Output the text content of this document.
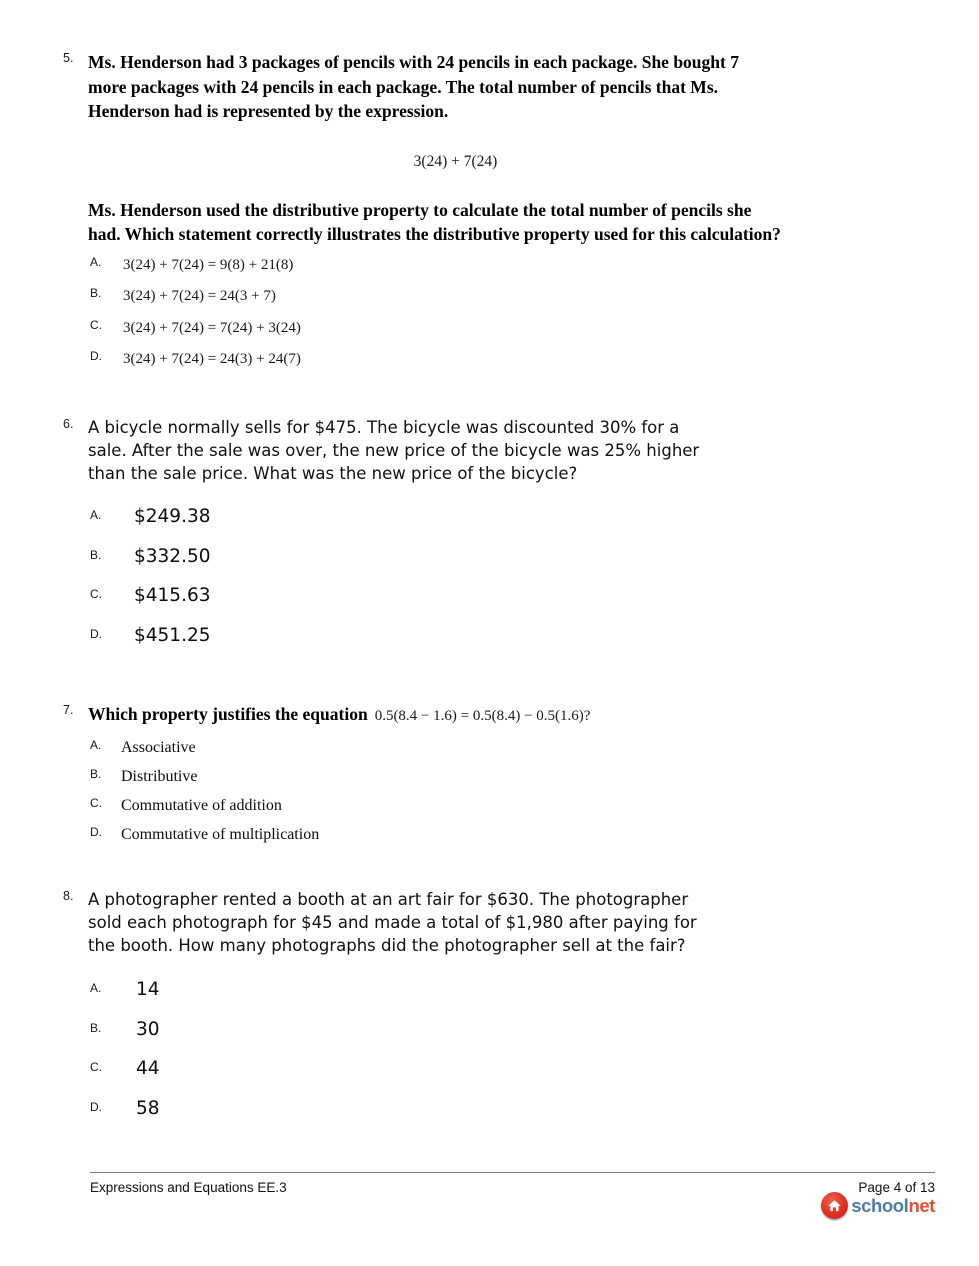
5. Ms. Henderson had 3 packages of pencils with 24 pencils in each package. She bought 7
more packages with 24 pencils in each package. The total number of pencils that Ms.
Henderson had is represented by the expression.
3(24) + 7(24)
Ms. Henderson used the distributive property to calculate the total number of pencils she
had. Which statement correctly illustrates the distributive property used for this calculation?
A.	3(24) + 7(24) = 9(8) + 21(8)
B.	3(24) + 7(24) = 24(3 + 7)
C.	3(24) + 7(24) = 7(24) + 3(24)
D.	3(24) + 7(24) = 24(3) + 24(7)
6. A bicycle normally sells for $475. The bicycle was discounted 30% for a
sale. After the sale was over, the new price of the bicycle was 25% higher
than the sale price. What was the new price of the bicycle?
A.	$249.38
B.	$332.50
C.	$415.63
D.	$451.25
7. Which property justifies the equation 0.5(8.4 − 1.6) = 0.5(8.4) − 0.5(1.6)?
A.	Associative
B.	Distributive
C.	Commutative of addition
D.	Commutative of multiplication
8. A photographer rented a booth at an art fair for $630. The photographer
sold each photograph for $45 and made a total of $1,980 after paying for
the booth. How many photographs did the photographer sell at the fair?
A.	14
B.	30
C.	44
D.	58
Expressions and Equations EE.3	Page 4 of 13
schoolnet
